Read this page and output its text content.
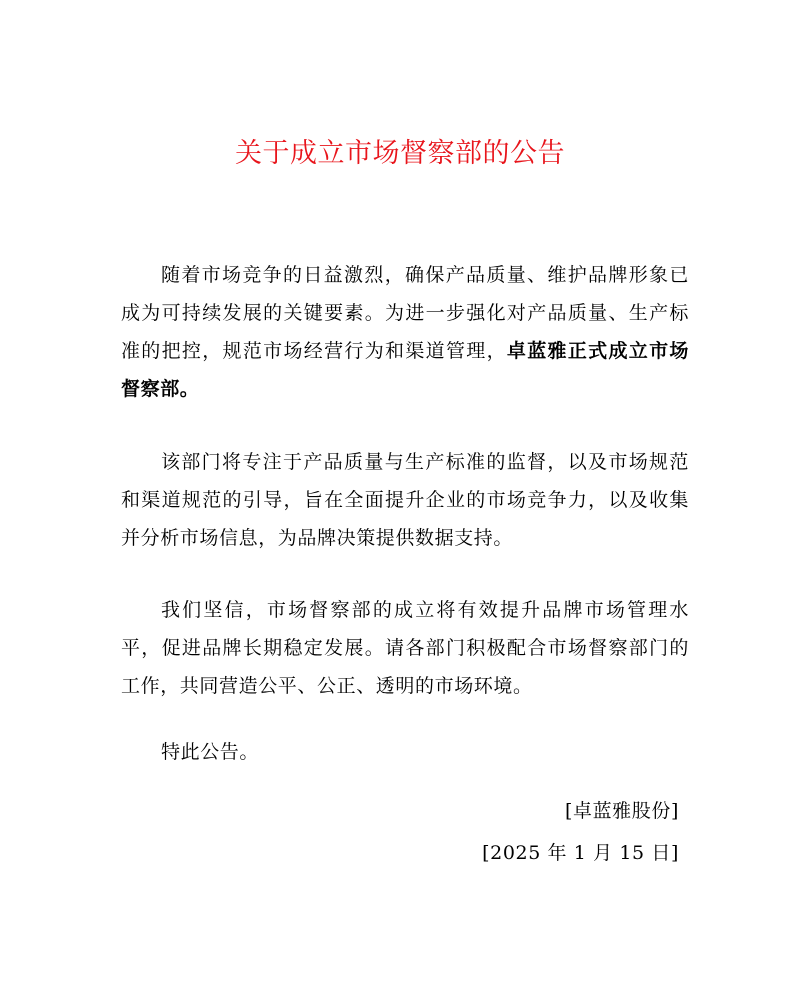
关于成立市场督察部的公告

随着市场竞争的日益激烈，确保产品质量、维护品牌形象已成为可持续发展的关键要素。为进一步强化对产品质量、生产标准的把控，规范市场经营行为和渠道管理，卓蓝雅正式成立市场督察部。

该部门将专注于产品质量与生产标准的监督，以及市场规范和渠道规范的引导，旨在全面提升企业的市场竞争力，以及收集并分析市场信息，为品牌决策提供数据支持。

我们坚信，市场督察部的成立将有效提升品牌市场管理水平，促进品牌长期稳定发展。请各部门积极配合市场督察部门的工作，共同营造公平、公正、透明的市场环境。

特此公告。

[卓蓝雅股份]
[2025 年 1 月 15 日]
